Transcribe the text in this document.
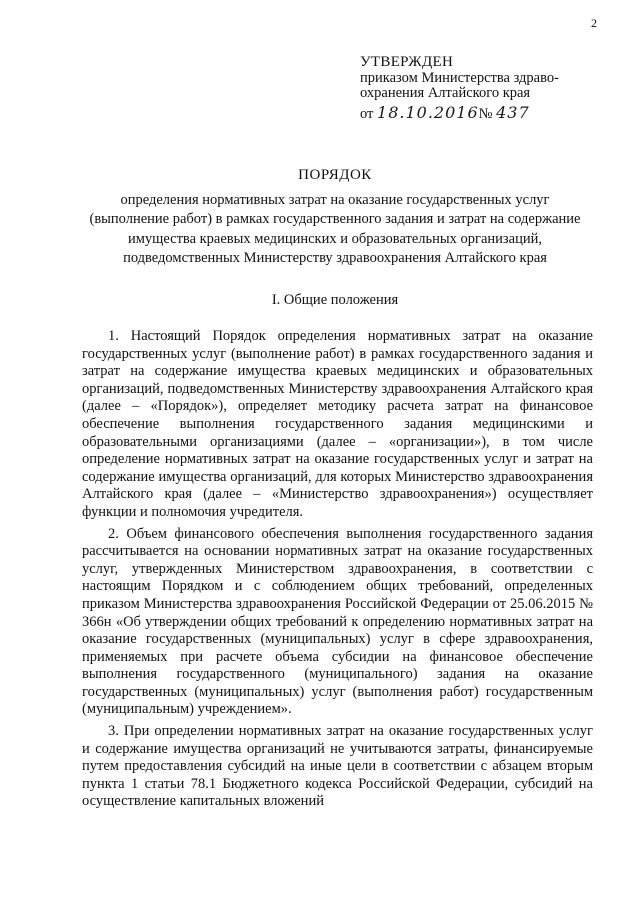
2
УТВЕРЖДЕН
приказом Министерства здраво-
охранения Алтайского края
от 18.10.2016№ 437
ПОРЯДОК
определения нормативных затрат на оказание государственных услуг (выполнение работ) в рамках государственного задания и затрат на содержание имущества краевых медицинских и образовательных организаций, подведомственных Министерству здравоохранения Алтайского края
I. Общие положения

1. Настоящий Порядок определения нормативных затрат на оказание государственных услуг (выполнение работ) в рамках государственного задания и затрат на содержание имущества краевых медицинских и образовательных организаций, подведомственных Министерству здравоохранения Алтайского края (далее – «Порядок»), определяет методику расчета затрат на финансовое обеспечение выполнения государственного задания медицинскими и образовательными организациями (далее – «организации»), в том числе определение нормативных затрат на оказание государственных услуг и затрат на содержание имущества организаций, для которых Министерство здравоохранения Алтайского края (далее – «Министерство здравоохранения») осуществляет функции и полномочия учредителя.

2. Объем финансового обеспечения выполнения государственного задания рассчитывается на основании нормативных затрат на оказание государственных услуг, утвержденных Министерством здравоохранения, в соответствии с настоящим Порядком и с соблюдением общих требований, определенных приказом Министерства здравоохранения Российской Федерации от 25.06.2015 № 366н «Об утверждении общих требований к определению нормативных затрат на оказание государственных (муниципальных) услуг в сфере здравоохранения, применяемых при расчете объема субсидии на финансовое обеспечение выполнения государственного (муниципального) задания на оказание государственных (муниципальных) услуг (выполнения работ) государственным (муниципальным) учреждением».

3. При определении нормативных затрат на оказание государственных услуг и содержание имущества организаций не учитываются затраты, финансируемые путем предоставления субсидий на иные цели в соответствии с абзацем вторым пункта 1 статьи 78.1 Бюджетного кодекса Российской Федерации, субсидий на осуществление капитальных вложений
